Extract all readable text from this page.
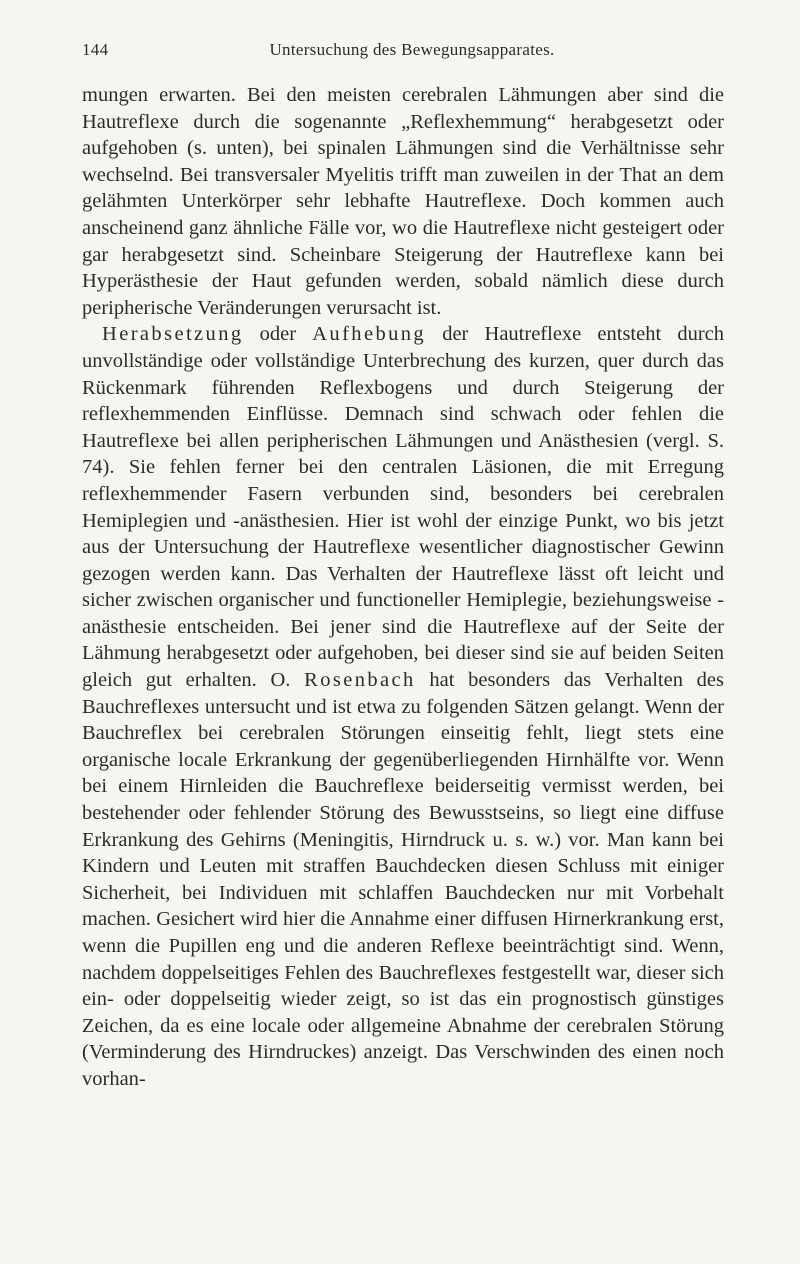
144	Untersuchung des Bewegungsapparates.

mungen erwarten. Bei den meisten cerebralen Lähmungen aber sind die Hautreflexe durch die sogenannte „Reflexhemmung“ herabgesetzt oder aufgehoben (s. unten), bei spinalen Lähmungen sind die Verhältnisse sehr wechselnd. Bei transversaler Myelitis trifft man zuweilen in der That an dem gelähmten Unterkörper sehr lebhafte Hautreflexe. Doch kommen auch anscheinend ganz ähnliche Fälle vor, wo die Hautreflexe nicht gesteigert oder gar herabgesetzt sind. Scheinbare Steigerung der Hautreflexe kann bei Hyperästhesie der Haut gefunden werden, sobald nämlich diese durch peripherische Veränderungen verursacht ist.

Herabsetzung oder Aufhebung der Hautreflexe entsteht durch unvollständige oder vollständige Unterbrechung des kurzen, quer durch das Rückenmark führenden Reflexbogens und durch Steigerung der reflexhemmenden Einflüsse. Demnach sind schwach oder fehlen die Hautreflexe bei allen peripherischen Lähmungen und Anästhesien (vergl. S. 74). Sie fehlen ferner bei den centralen Läsionen, die mit Erregung reflexhemmender Fasern verbunden sind, besonders bei cerebralen Hemiplegien und -anästhesien. Hier ist wohl der einzige Punkt, wo bis jetzt aus der Untersuchung der Hautreflexe wesentlicher diagnostischer Gewinn gezogen werden kann. Das Verhalten der Hautreflexe lässt oft leicht und sicher zwischen organischer und functioneller Hemiplegie, beziehungsweise -anästhesie entscheiden. Bei jener sind die Hautreflexe auf der Seite der Lähmung herabgesetzt oder aufgehoben, bei dieser sind sie auf beiden Seiten gleich gut erhalten. O. Rosenbach hat besonders das Verhalten des Bauchreflexes untersucht und ist etwa zu folgenden Sätzen gelangt. Wenn der Bauchreflex bei cerebralen Störungen einseitig fehlt, liegt stets eine organische locale Erkrankung der gegenüberliegenden Hirnhälfte vor. Wenn bei einem Hirnleiden die Bauchreflexe beiderseitig vermisst werden, bei bestehender oder fehlender Störung des Bewusstseins, so liegt eine diffuse Erkrankung des Gehirns (Meningitis, Hirndruck u. s. w.) vor. Man kann bei Kindern und Leuten mit straffen Bauchdecken diesen Schluss mit einiger Sicherheit, bei Individuen mit schlaffen Bauchdecken nur mit Vorbehalt machen. Gesichert wird hier die Annahme einer diffusen Hirnerkrankung erst, wenn die Pupillen eng und die anderen Reflexe beeinträchtigt sind. Wenn, nachdem doppelseitiges Fehlen des Bauchreflexes festgestellt war, dieser sich ein- oder doppelseitig wieder zeigt, so ist das ein prognostisch günstiges Zeichen, da es eine locale oder allgemeine Abnahme der cerebralen Störung (Verminderung des Hirndruckes) anzeigt. Das Verschwinden des einen noch vorhan-
